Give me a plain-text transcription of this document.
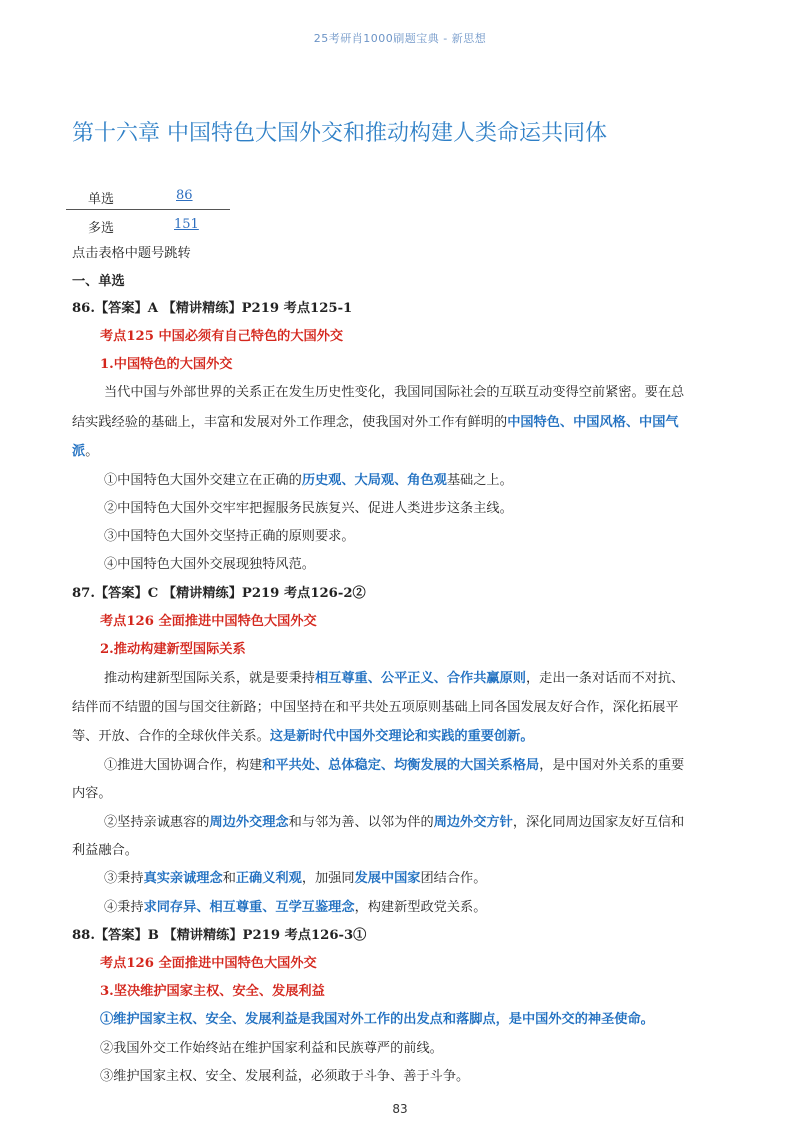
25考研肖1000刷题宝典 - 新思想
第十六章 中国特色大国外交和推动构建人类命运共同体
单选	86
多选	151
点击表格中题号跳转
一、单选
86.【答案】A 【精讲精练】P219 考点125-1
考点125 中国必须有自己特色的大国外交
1.中国特色的大国外交
当代中国与外部世界的关系正在发生历史性变化，我国同国际社会的互联互动变得空前紧密。要在总
结实践经验的基础上，丰富和发展对外工作理念，使我国对外工作有鲜明的中国特色、中国风格、中国气
派。
①中国特色大国外交建立在正确的历史观、大局观、角色观基础之上。
②中国特色大国外交牢牢把握服务民族复兴、促进人类进步这条主线。
③中国特色大国外交坚持正确的原则要求。
④中国特色大国外交展现独特风范。
87.【答案】C 【精讲精练】P219 考点126-2②
考点126 全面推进中国特色大国外交
2.推动构建新型国际关系
推动构建新型国际关系，就是要秉持相互尊重、公平正义、合作共赢原则，走出一条对话而不对抗、
结伴而不结盟的国与国交往新路；中国坚持在和平共处五项原则基础上同各国发展友好合作，深化拓展平
等、开放、合作的全球伙伴关系。这是新时代中国外交理论和实践的重要创新。
①推进大国协调合作，构建和平共处、总体稳定、均衡发展的大国关系格局，是中国对外关系的重要
内容。
②坚持亲诚惠容的周边外交理念和与邻为善、以邻为伴的周边外交方针，深化同周边国家友好互信和
利益融合。
③秉持真实亲诚理念和正确义利观，加强同发展中国家团结合作。
④秉持求同存异、相互尊重、互学互鉴理念，构建新型政党关系。
88.【答案】B 【精讲精练】P219 考点126-3①
考点126 全面推进中国特色大国外交
3.坚决维护国家主权、安全、发展利益
①维护国家主权、安全、发展利益是我国对外工作的出发点和落脚点，是中国外交的神圣使命。
②我国外交工作始终站在维护国家利益和民族尊严的前线。
③维护国家主权、安全、发展利益，必须敢于斗争、善于斗争。
83
